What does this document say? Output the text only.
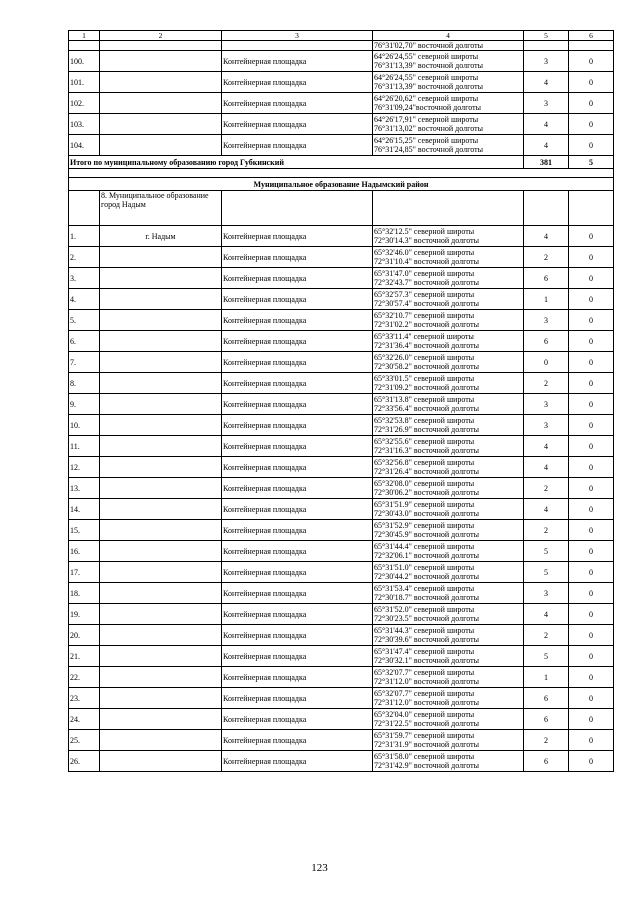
1	2	3	4	5	6
			76°31'02,70" восточной долготы		
100.		Контейнерная площадка	64°26'24,55" северной широты
76°31'13,39" восточной долготы	3	0
101.		Контейнерная площадка	64°26'24,55" северной широты
76°31'13,39" восточной долготы	4	0
102.		Контейнерная площадка	64°26'20,62" северной широты
76°31'09,24"восточной долготы	3	0
103.		Контейнерная площадка	64°26'17,91" северной широты
76°31'13,02" восточной долготы	4	0
104.		Контейнерная площадка	64°26'15,25" северной широты
76°31'24,85" восточной долготы	4	0
Итого по муниципальному образованию город Губкинский				381	5

Муниципальное образование Надымский район					
	8. Муниципальное образование город Надым				
1.	г. Надым	Контейнерная площадка	65°32'12.5" северной широты
72°30'14.3" восточной долготы	4	0
2.		Контейнерная площадка	65°32'46.0" северной широты
72°31'10.4" восточной долготы	2	0
3.		Контейнерная площадка	65°31'47.0" северной широты
72°32'43.7" восточной долготы	6	0
4.		Контейнерная площадка	65°32'57.3" северной широты
72°30'57.4" восточной долготы	1	0
5.		Контейнерная площадка	65°32'10.7" северной широты
72°31'02.2" восточной долготы	3	0
6.		Контейнерная площадка	65°33'11.4" северной широты
72°31'36.4" восточной долготы	6	0
7.		Контейнерная площадка	65°32'26.0" северной широты
72°30'58.2" восточной долготы	0	0
8.		Контейнерная площадка	65°33'01.5" северной широты
72°31'09.2" восточной долготы	2	0
9.		Контейнерная площадка	65°31'13.8" северной широты
72°33'56.4" восточной долготы	3	0
10.		Контейнерная площадка	65°32'53.8" северной широты
72°31'26.9" восточной долготы	3	0
11.		Контейнерная площадка	65°32'55.6" северной широты
72°31'16.3" восточной долготы	4	0
12.		Контейнерная площадка	65°32'56.8" северной широты
72°31'26.4" восточной долготы	4	0
13.		Контейнерная площадка	65°32'08.0" северной широты
72°30'06.2" восточной долготы	2	0
14.		Контейнерная площадка	65°31'51.9" северной широты
72°30'43.0" восточной долготы	4	0
15.		Контейнерная площадка	65°31'52.9" северной широты
72°30'45.9" восточной долготы	2	0
16.		Контейнерная площадка	65°31'44.4" северной широты
72°32'06.1" восточной долготы	5	0
17.		Контейнерная площадка	65°31'51.0" северной широты
72°30'44.2" восточной долготы	5	0
18.		Контейнерная площадка	65°31'53.4" северной широты
72°30'18.7" восточной долготы	3	0
19.		Контейнерная площадка	65°31'52.0" северной широты
72°30'23.5" восточной долготы	4	0
20.		Контейнерная площадка	65°31'44.3" северной широты
72°30'39.6" восточной долготы	2	0
21.		Контейнерная площадка	65°31'47.4" северной широты
72°30'32.1" восточной долготы	5	0
22.		Контейнерная площадка	65°32'07.7" северной широты
72°31'12.0" восточной долготы	1	0
23.		Контейнерная площадка	65°32'07.7" северной широты
72°31'12.0" восточной долготы	6	0
24.		Контейнерная площадка	65°32'04.0" северной широты
72°31'22.5" восточной долготы	6	0
25.		Контейнерная площадка	65°31'59.7" северной широты
72°31'31.9" восточной долготы	2	0
26.		Контейнерная площадка	65°31'58.0" северной широты
72°31'42.9" восточной долготы	6	0
123
